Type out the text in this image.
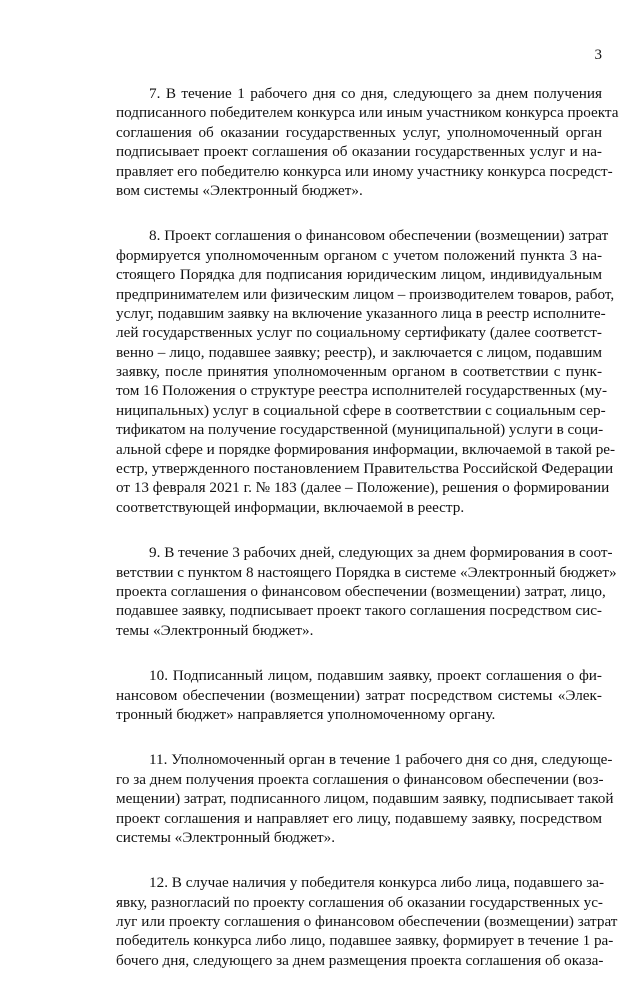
3
7. В течение 1 рабочего дня со дня, следующего за днем получения
подписанного победителем конкурса или иным участником конкурса проекта
соглашения об оказании государственных услуг, уполномоченный орган
подписывает проект соглашения об оказании государственных услуг и на-
правляет его победителю конкурса или иному участнику конкурса посредст-
вом системы «Электронный бюджет».
8. Проект соглашения о финансовом обеспечении (возмещении) затрат
формируется уполномоченным органом с учетом положений пункта 3 на-
стоящего Порядка для подписания юридическим лицом, индивидуальным
предпринимателем или физическим лицом – производителем товаров, работ,
услуг, подавшим заявку на включение указанного лица в реестр исполните-
лей государственных услуг по социальному сертификату (далее соответст-
венно – лицо, подавшее заявку; реестр), и заключается с лицом, подавшим
заявку, после принятия уполномоченным органом в соответствии с пунк-
том 16 Положения о структуре реестра исполнителей государственных (му-
ниципальных) услуг в социальной сфере в соответствии с социальным сер-
тификатом на получение государственной (муниципальной) услуги в соци-
альной сфере и порядке формирования информации, включаемой в такой ре-
естр, утвержденного постановлением Правительства Российской Федерации
от 13 февраля 2021 г. № 183 (далее – Положение), решения о формировании
соответствующей информации, включаемой в реестр.
9. В течение 3 рабочих дней, следующих за днем формирования в соот-
ветствии с пунктом 8 настоящего Порядка в системе «Электронный бюджет»
проекта соглашения о финансовом обеспечении (возмещении) затрат, лицо,
подавшее заявку, подписывает проект такого соглашения посредством сис-
темы «Электронный бюджет».
10. Подписанный лицом, подавшим заявку, проект соглашения о фи-
нансовом обеспечении (возмещении) затрат посредством системы «Элек-
тронный бюджет» направляется уполномоченному органу.
11. Уполномоченный орган в течение 1 рабочего дня со дня, следующе-
го за днем получения проекта соглашения о финансовом обеспечении (воз-
мещении) затрат, подписанного лицом, подавшим заявку, подписывает такой
проект соглашения и направляет его лицу, подавшему заявку, посредством
системы «Электронный бюджет».
12. В случае наличия у победителя конкурса либо лица, подавшего за-
явку, разногласий по проекту соглашения об оказании государственных ус-
луг или проекту соглашения о финансовом обеспечении (возмещении) затрат
победитель конкурса либо лицо, подавшее заявку, формирует в течение 1 ра-
бочего дня, следующего за днем размещения проекта соглашения об оказа-
